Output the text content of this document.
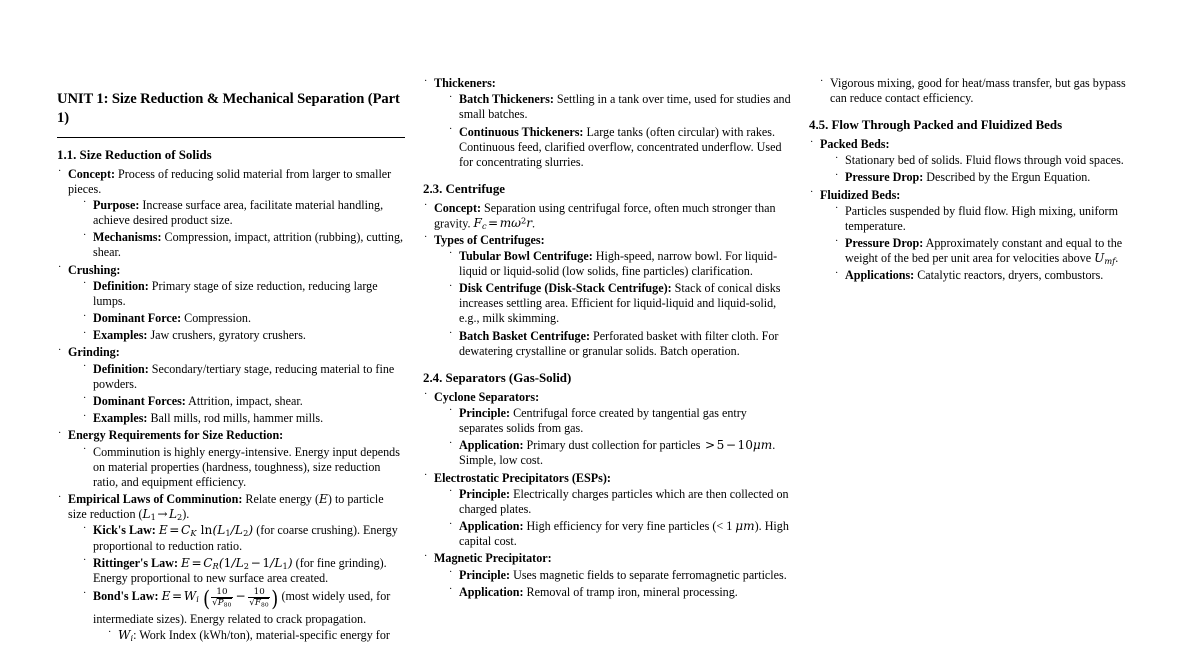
UNIT 1: Size Reduction & Mechanical Separation (Part 1)
1.1. Size Reduction of Solids
· Concept: Process of reducing solid material from larger to smaller pieces.
· Purpose: Increase surface area, facilitate material handling, achieve desired product size.
· Mechanisms: Compression, impact, attrition (rubbing), cutting, shear.
· Crushing:
· Definition: Primary stage of size reduction, reducing large lumps.
· Dominant Force: Compression.
· Examples: Jaw crushers, gyratory crushers.
· Grinding:
· Definition: Secondary/tertiary stage, reducing material to fine powders.
· Dominant Forces: Attrition, impact, shear.
· Examples: Ball mills, rod mills, hammer mills.
· Energy Requirements for Size Reduction:
· Comminution is highly energy-intensive. Energy input depends on material properties (hardness, toughness), size reduction ratio, and equipment efficiency.
· Empirical Laws of Comminution: Relate energy (E) to particle size reduction $(L_1 \to L_2)$.
· Kick's Law: $E = C_K$ $\ln(L_1/L_2)$ (for coarse crushing). Energy proportional to reduction ratio.
· Rittinger's Law: $E = C_R(1/L_2 - 1/L_1)$ (for fine grinding). Energy proportional to new surface area created.
· Bond's Law: $E = W_i$ ( $\frac{10}{√P_{80}} - \frac{10}{√F_{80}}$ ) (most widely used, for intermediate sizes). Energy related to crack propagation.
· $W_i$: Work Index (kWh/ton), material-specific energy for
· Thickeners:
· Batch Thickeners: Settling in a tank over time, used for studies and small batches.
· Continuous Thickeners: Large tanks (often circular) with rakes. Continuous feed, clarified overflow, concentrated underflow. Used for concentrating slurries.
2.3. Centrifuge
· Concept: Separation using centrifugal force, often much stronger than gravity. $F_c = m\omega^2r$.
· Types of Centrifuges:
· Tubular Bowl Centrifuge: High-speed, narrow bowl. For liquid-liquid or liquid-solid (low solids, fine particles) clarification.
· Disk Centrifuge (Disk-Stack Centrifuge): Stack of conical disks increases settling area. Efficient for liquid-liquid and liquid-solid, e.g., milk skimming.
· Batch Basket Centrifuge: Perforated basket with filter cloth. For dewatering crystalline or granular solids. Batch operation.
2.4. Separators (Gas-Solid)
· Cyclone Separators:
· Principle: Centrifugal force created by tangential gas entry separates solids from gas.
· Application: Primary dust collection for particles > 5 − 10μm. Simple, low cost.
· Electrostatic Precipitators (ESPs):
· Principle: Electrically charges particles which are then collected on charged plates.
· Application: High efficiency for very fine particles (< 1 μm). High capital cost.
· Magnetic Precipitator:
· Principle: Uses magnetic fields to separate ferromagnetic particles.
· Application: Removal of tramp iron, mineral processing.
· Vigorous mixing, good for heat/mass transfer, but gas bypass can reduce contact efficiency.
4.5. Flow Through Packed and Fluidized Beds
· Packed Beds:
· Stationary bed of solids. Fluid flows through void spaces.
· Pressure Drop: Described by the Ergun Equation.
· Fluidized Beds:
· Particles suspended by fluid flow. High mixing, uniform temperature.
· Pressure Drop: Approximately constant and equal to the weight of the bed per unit area for velocities above $U_{mf}$.
· Applications: Catalytic reactors, dryers, combustors.
